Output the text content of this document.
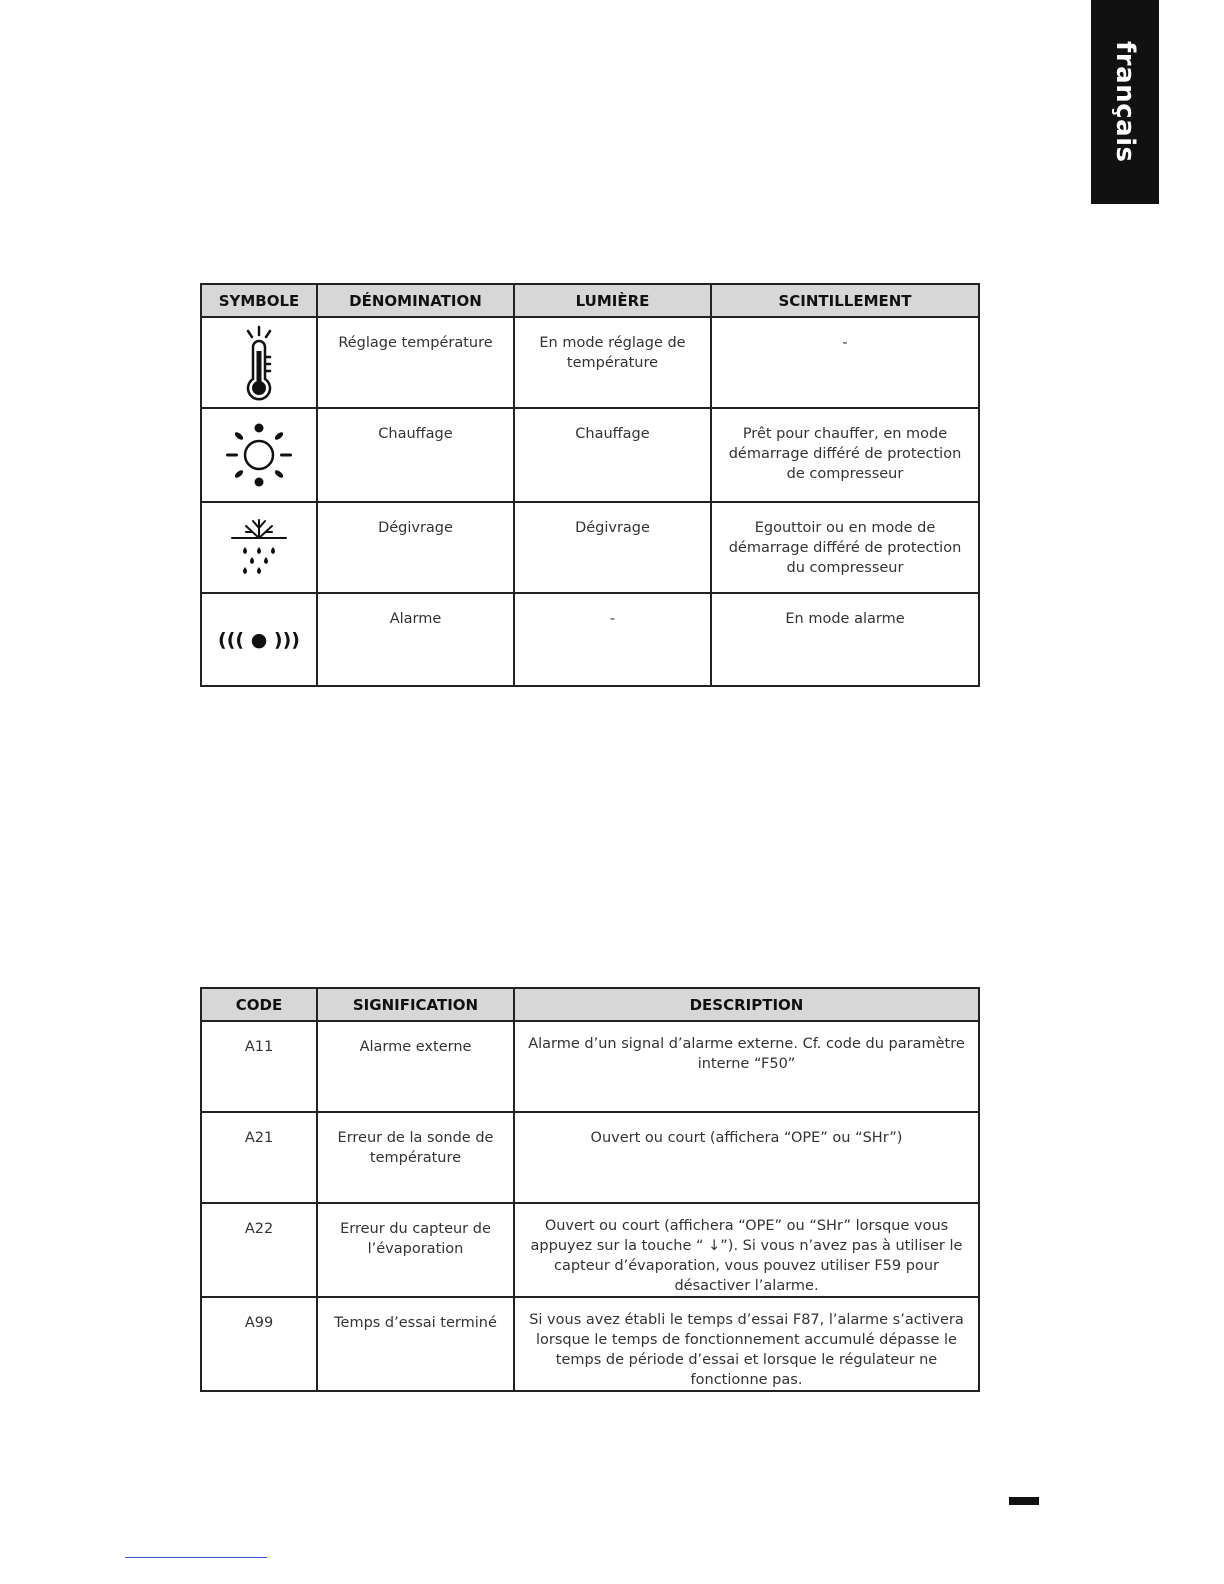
français
SYMBOLE	DÉNOMINATION	LUMIÈRE	SCINTILLEMENT

	Réglage température	En mode réglage de température	-

	Chauffage	Chauffage	Prêt pour chauffer, en mode démarrage différé de protection de compresseur

	Dégivrage	Dégivrage	Egouttoir ou en mode de démarrage différé de protection du compresseur

((( ● )))	Alarme	-	En mode alarme
CODE	SIGNIFICATION	DESCRIPTION
A11	Alarme externe	Alarme d’un signal d’alarme externe. Cf. code du paramètre interne “F50”
A21	Erreur de la sonde de température	Ouvert ou court (affichera “OPE” ou “SHr”)
A22	Erreur du capteur de l’évaporation	Ouvert ou court (affichera “OPE” ou “SHr” lorsque vous appuyez sur la touche “ ↓”). Si vous n’avez pas à utiliser le capteur d’évaporation, vous pouvez utiliser F59 pour désactiver l’alarme.
A99	Temps d’essai terminé	Si vous avez établi le temps d’essai F87, l’alarme s’activera lorsque le temps de fonctionnement accumulé dépasse le temps de période d’essai et lorsque le régulateur ne fonctionne pas.
